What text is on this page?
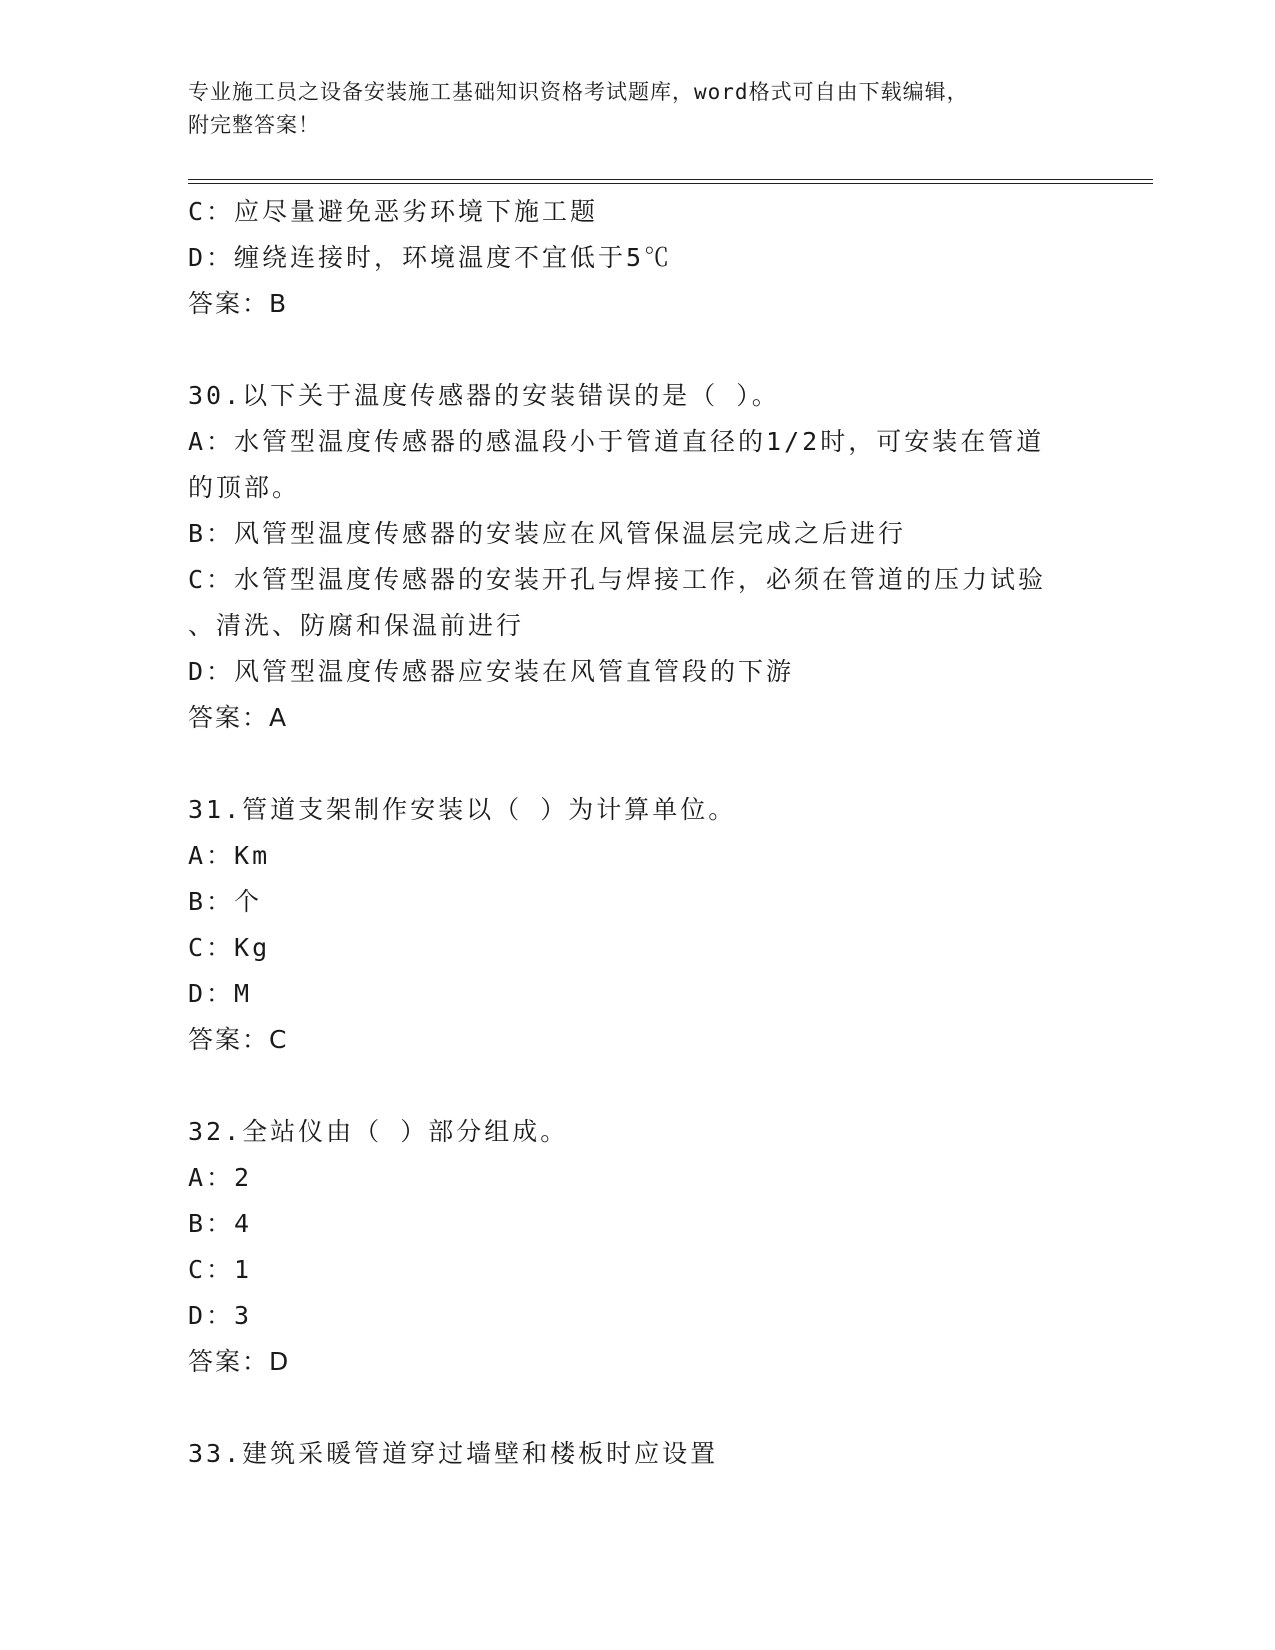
专业施工员之设备安装施工基础知识资格考试题库，word格式可自由下载编辑，
附完整答案！
C：应尽量避免恶劣环境下施工题
D：缠绕连接时，环境温度不宜低于5℃
答案：B
30.以下关于温度传感器的安装错误的是（ ）。
A：水管型温度传感器的感温段小于管道直径的1/2时，可安装在管道
的顶部。
B：风管型温度传感器的安装应在风管保温层完成之后进行
C：水管型温度传感器的安装开孔与焊接工作，必须在管道的压力试验
、清洗、防腐和保温前进行
D：风管型温度传感器应安装在风管直管段的下游
答案：A
31.管道支架制作安装以（ ）为计算单位。
A：Km
B：个
C：Kg
D：M
答案：C
32.全站仪由（ ）部分组成。
A：2
B：4
C：1
D：3
答案：D
33.建筑采暖管道穿过墙壁和楼板时应设置
